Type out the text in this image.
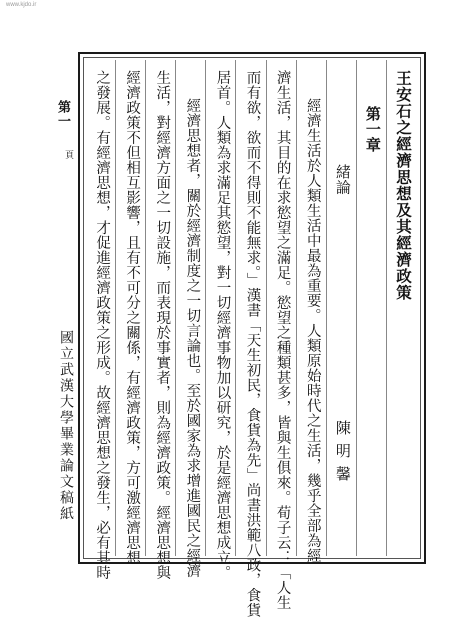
www.kjdo.ir
第一
頁
國立武漢大學畢業論文稿紙
王安石之經濟思想及其經濟政策
第一章
緒論
陳明馨
經濟生活於人類生活中最為重要。人類原始時代之生活，幾乎全部為經
濟生活，其目的在求慾望之滿足。慾望之種類甚多，皆與生俱來。荀子云：「人生
而有欲，欲而不得則不能無求。」漢書「天生初民，食貨為先」尚書洪範八政，食貨
居首。人類為求滿足其慾望，對一切經濟事物加以研究，於是經濟思想成立。
經濟思想者，關於經濟制度之一切言論也。至於國家為求增進國民之經濟
生活，對經濟方面之一切設施，而表現於事實者，則為經濟政策。經濟思想與
經濟政策不但相互影響，且有不可分之關係，有經濟政策，方可激經濟思想
之發展。有經濟思想，才促進經濟政策之形成。故經濟思想之發生，必有其時
